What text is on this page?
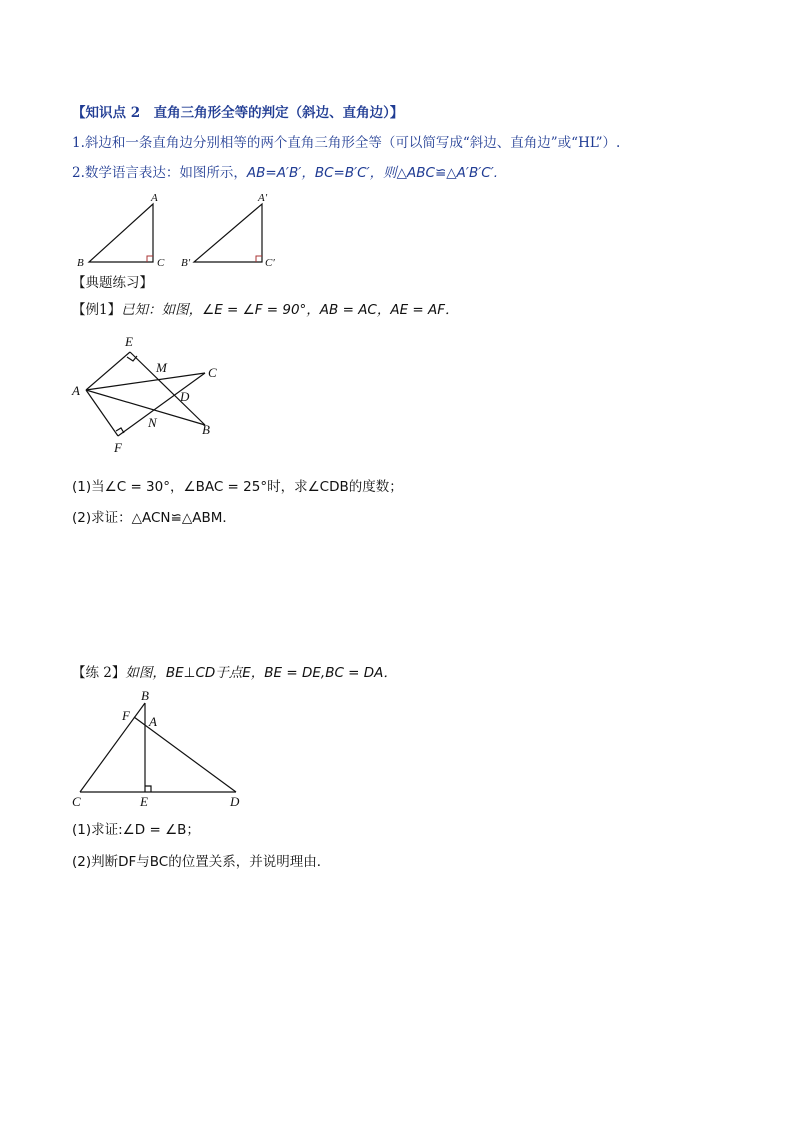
【知识点 2　直角三角形全等的判定（斜边、直角边）】
1.斜边和一条直角边分别相等的两个直角三角形全等（可以简写成“斜边、直角边”或“HL”）.
2.数学语言表达：如图所示，AB=A′B′，BC=B′C′，则△ABC≌△A′B′C′.
A
B	C
A′
B′	C′
【典题练习】
【例1】已知：如图，∠E = ∠F = 90°，AB = AC，AE = AF．
E
M	C
A	D
N
F
B
(1)当∠C = 30°，∠BAC = 25°时，求∠CDB的度数；
(2)求证：△ACN≌△ABM．
【练 2】如图，BE⊥CD于点E，BE = DE,BC = DA．
B
F A
C	E	D
(1)求证:∠D = ∠B；
(2)判断DF与BC的位置关系，并说明理由．
